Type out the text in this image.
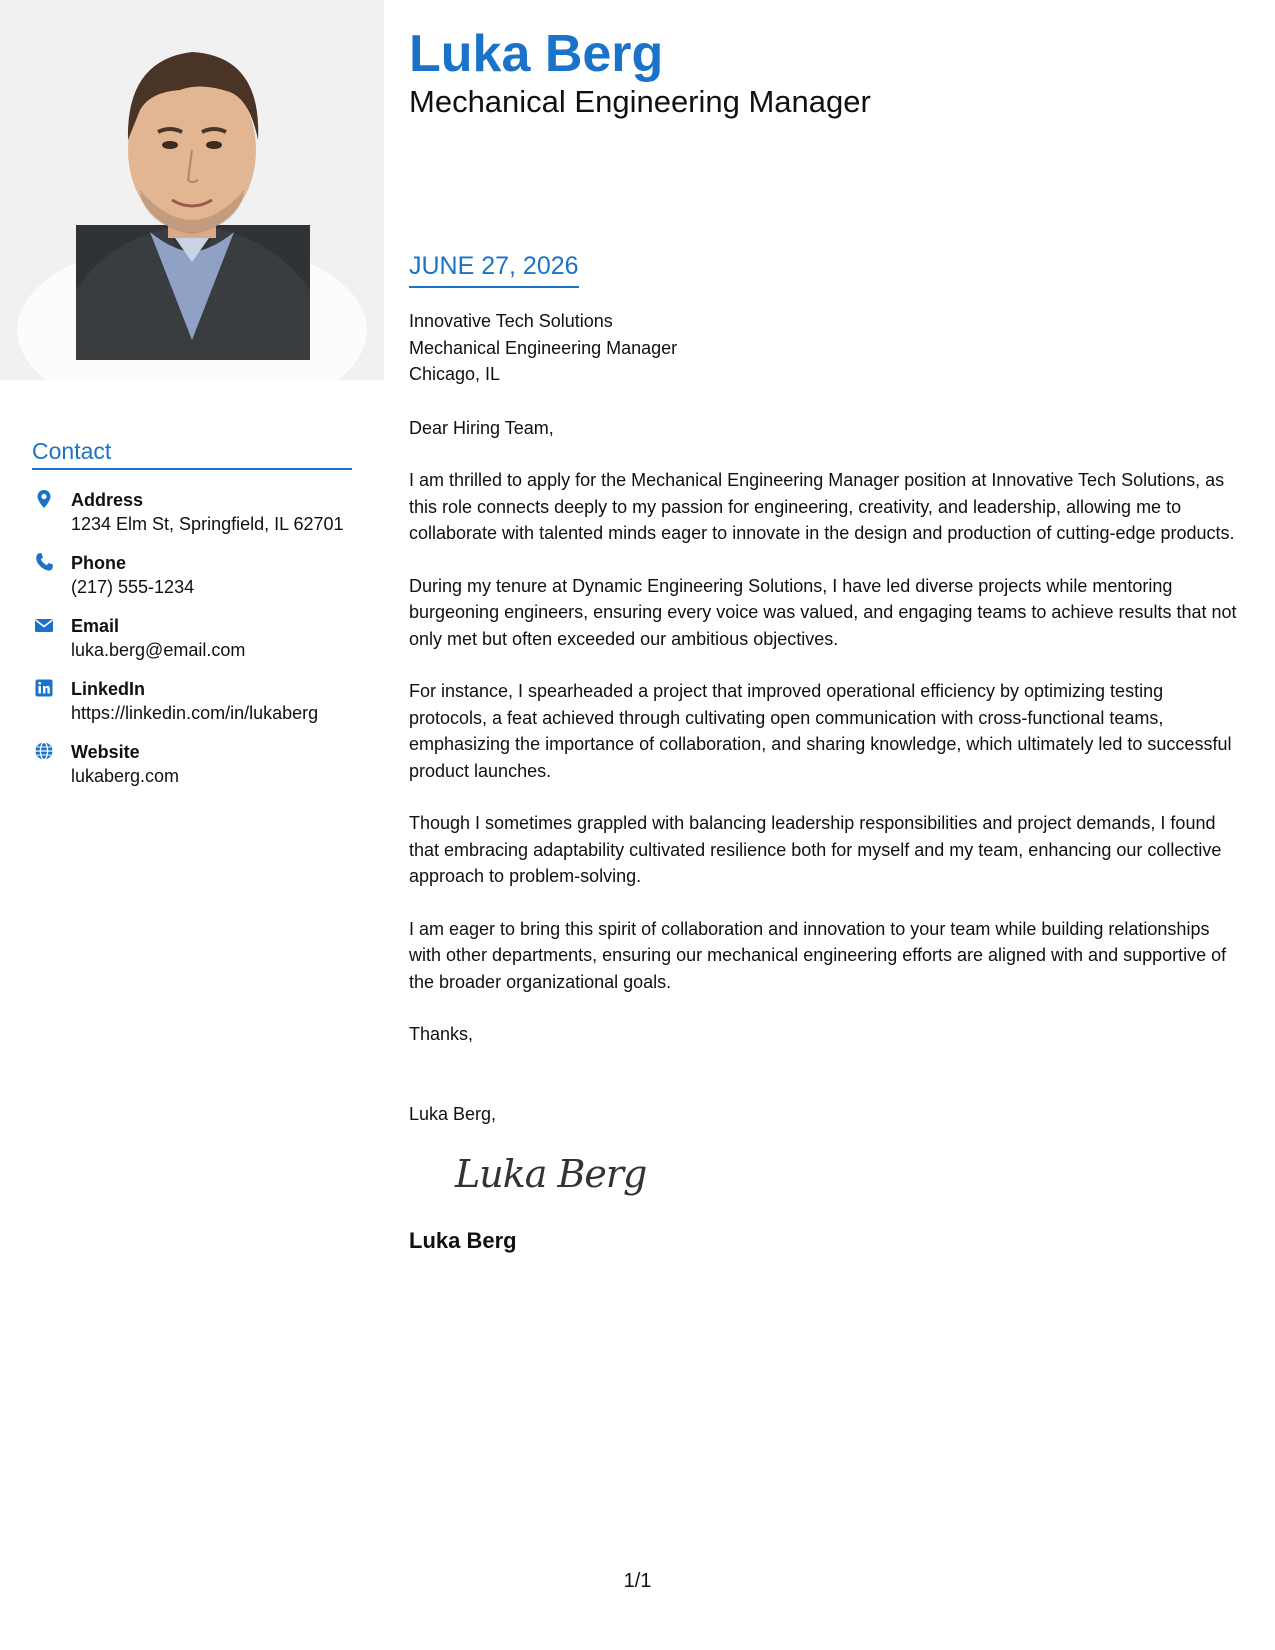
Contact
Address
1234 Elm St, Springfield, IL 62701
Phone
(217) 555-1234
Email
luka.berg@email.com
LinkedIn
https://linkedin.com/in/lukaberg
Website
lukaberg.com
Luka Berg
Mechanical Engineering Manager
JUNE 27, 2026
Innovative Tech Solutions
Mechanical Engineering Manager
Chicago, IL
Dear Hiring Team,
I am thrilled to apply for the Mechanical Engineering Manager position at Innovative Tech Solutions, as this role connects deeply to my passion for engineering, creativity, and leadership, allowing me to collaborate with talented minds eager to innovate in the design and production of cutting-edge products.
During my tenure at Dynamic Engineering Solutions, I have led diverse projects while mentoring burgeoning engineers, ensuring every voice was valued, and engaging teams to achieve results that not only met but often exceeded our ambitious objectives.
For instance, I spearheaded a project that improved operational efficiency by optimizing testing protocols, a feat achieved through cultivating open communication with cross-functional teams, emphasizing the importance of collaboration, and sharing knowledge, which ultimately led to successful product launches.
Though I sometimes grappled with balancing leadership responsibilities and project demands, I found that embracing adaptability cultivated resilience both for myself and my team, enhancing our collective approach to problem-solving.
I am eager to bring this spirit of collaboration and innovation to your team while building relationships with other departments, ensuring our mechanical engineering efforts are aligned with and supportive of the broader organizational goals.
Thanks,
Luka Berg,
Luka Berg
Luka Berg
1/1
